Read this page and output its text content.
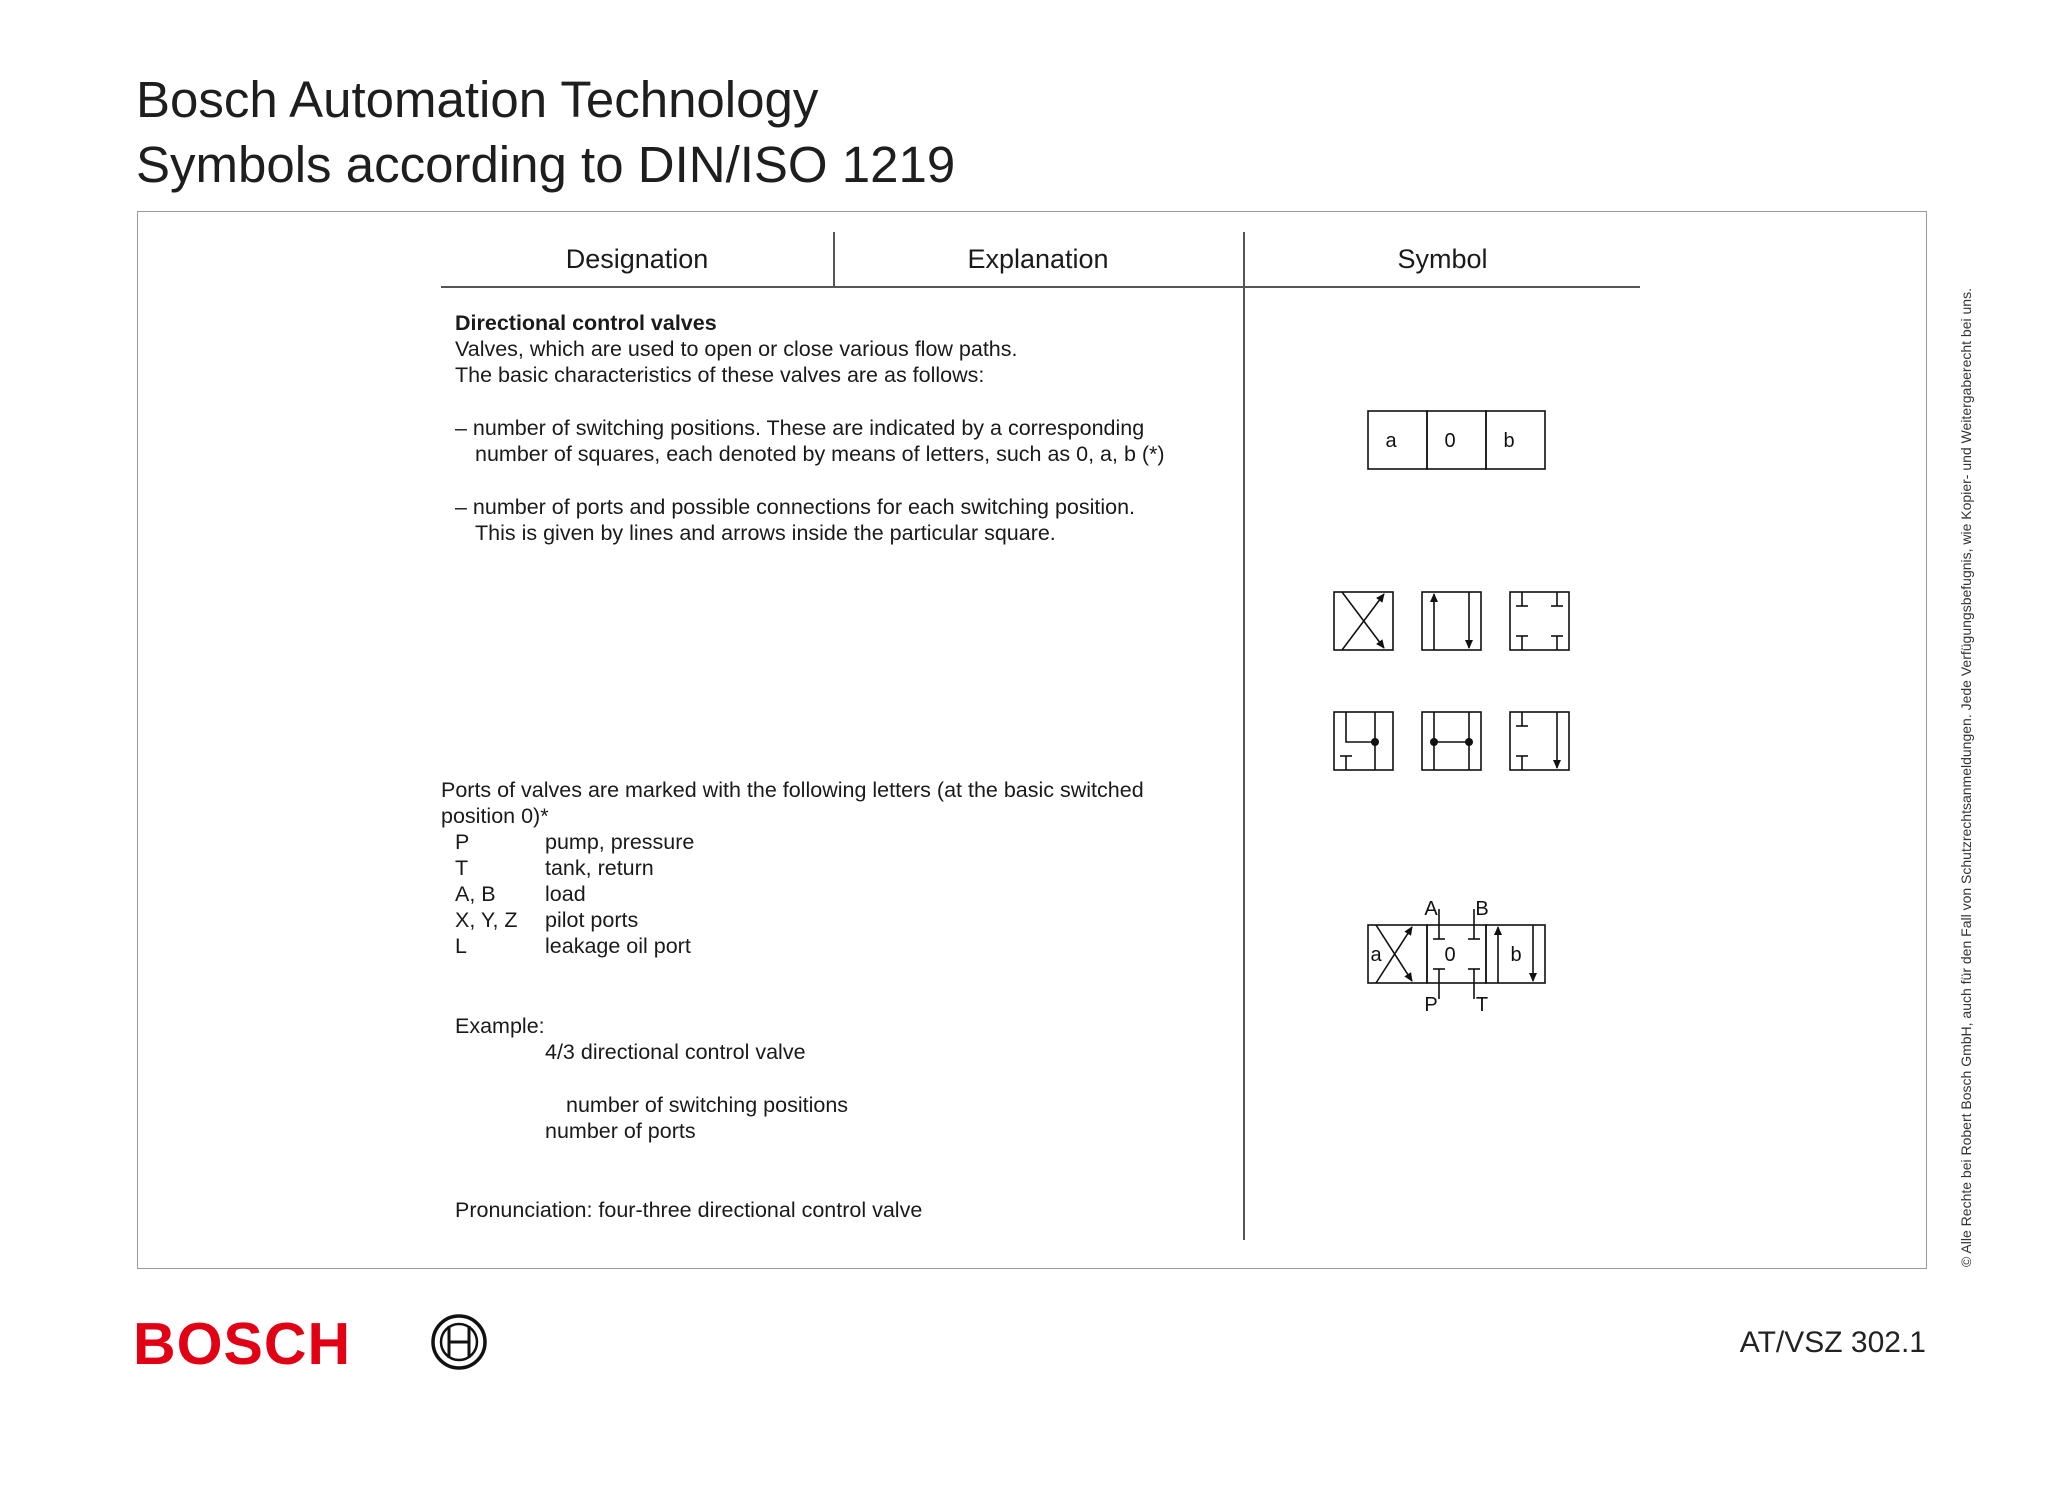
Bosch Automation Technology
Symbols according to DIN/ISO 1219
Designation	Explanation	Symbol
Directional control valves
Valves, which are used to open or close various flow paths.
The basic characteristics of these valves are as follows:
– number of switching positions. These are indicated by a corresponding
number of squares, each denoted by means of letters, such as 0, a, b (*)
– number of ports and possible connections for each switching position.
This is given by lines and arrows inside the particular square.
Ports of valves are marked with the following letters (at the basic switched
position 0)*
P	pump, pressure
T	tank, return
A, B load
X, Y, Z pilot ports
L	leakage oil port
Example:
4/3 directional control valve
number of switching positions
number of ports
Pronunciation: four-three directional control valve
a 0 b
a	0	b
A B
P T	© Alle Rechte bei Robert Bosch GmbH, auch für den Fall von Schutzrechtsanmeldungen. Jede Verfügungsbefugnis, wie Kopier- und Weitergaberecht bei uns.
BOSCH	AT/VSZ 302.1
